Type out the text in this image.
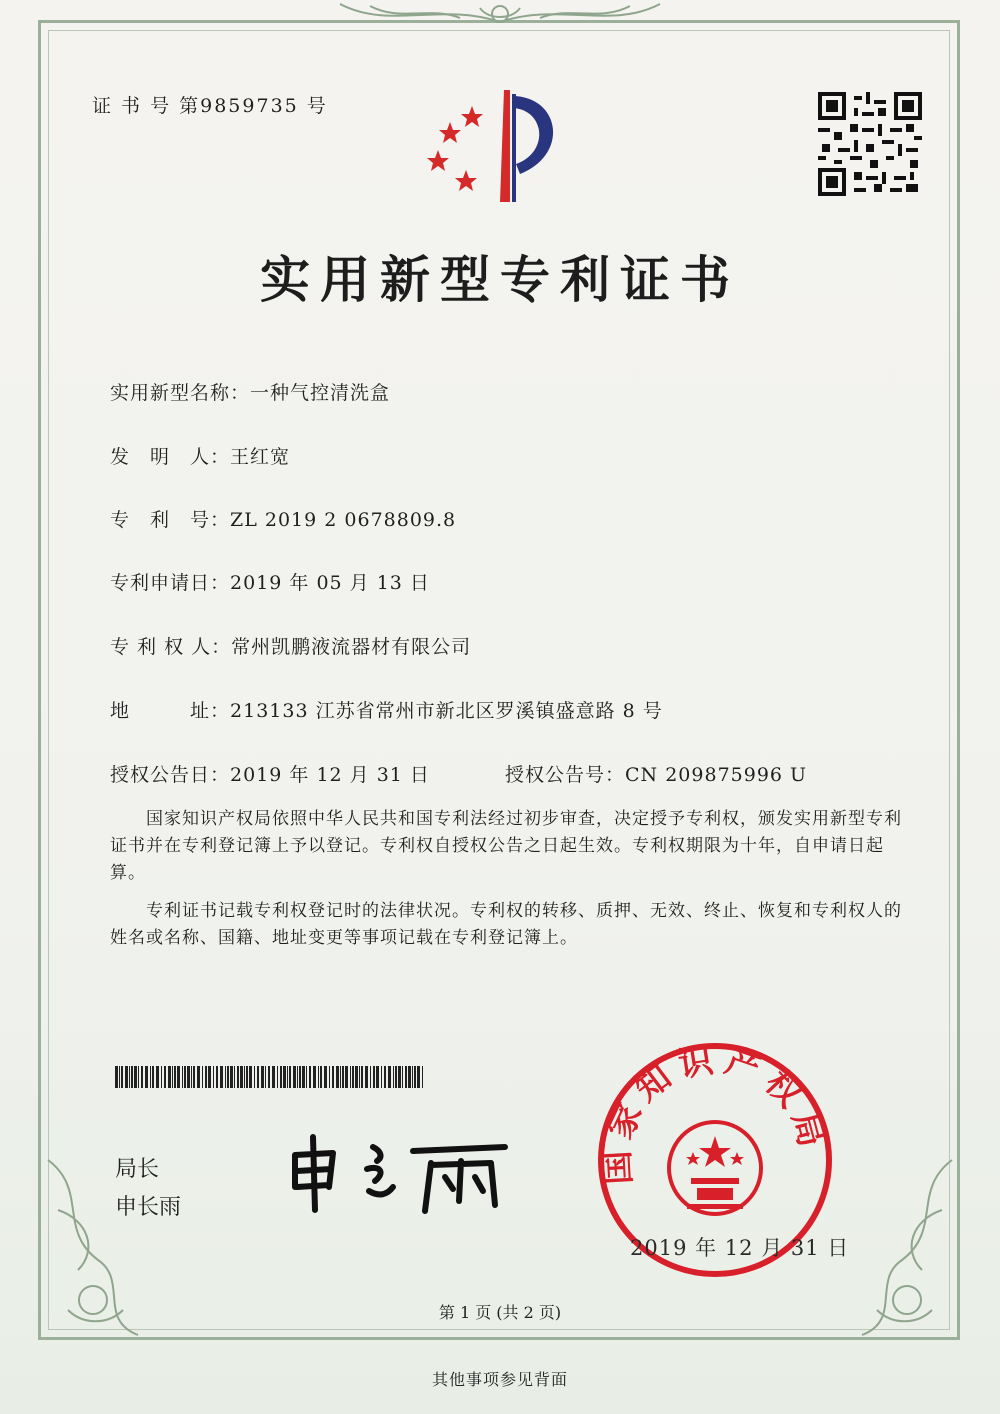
证 书 号 第9859735 号
实用新型专利证书
实用新型名称：一种气控清洗盒
发　明　人：王红宽
专　利　号：ZL 2019 2 0678809.8
专利申请日：2019 年 05 月 13 日
专 利 权 人：常州凯鹏液流器材有限公司
地　　　址：213133 江苏省常州市新北区罗溪镇盛意路 8 号
授权公告日：2019 年 12 月 31 日	授权公告号：CN 209875996 U
国家知识产权局依照中华人民共和国专利法经过初步审查，决定授予专利权，颁发实用新型专利证书并在专利登记簿上予以登记。专利权自授权公告之日起生效。专利权期限为十年，自申请日起算。
专利证书记载专利权登记时的法律状况。专利权的转移、质押、无效、终止、恢复和专利权人的姓名或名称、国籍、地址变更等事项记载在专利登记簿上。
局长
申长雨
国家知识产权局
2019 年 12 月 31 日
第 1 页 (共 2 页)
其他事项参见背面
